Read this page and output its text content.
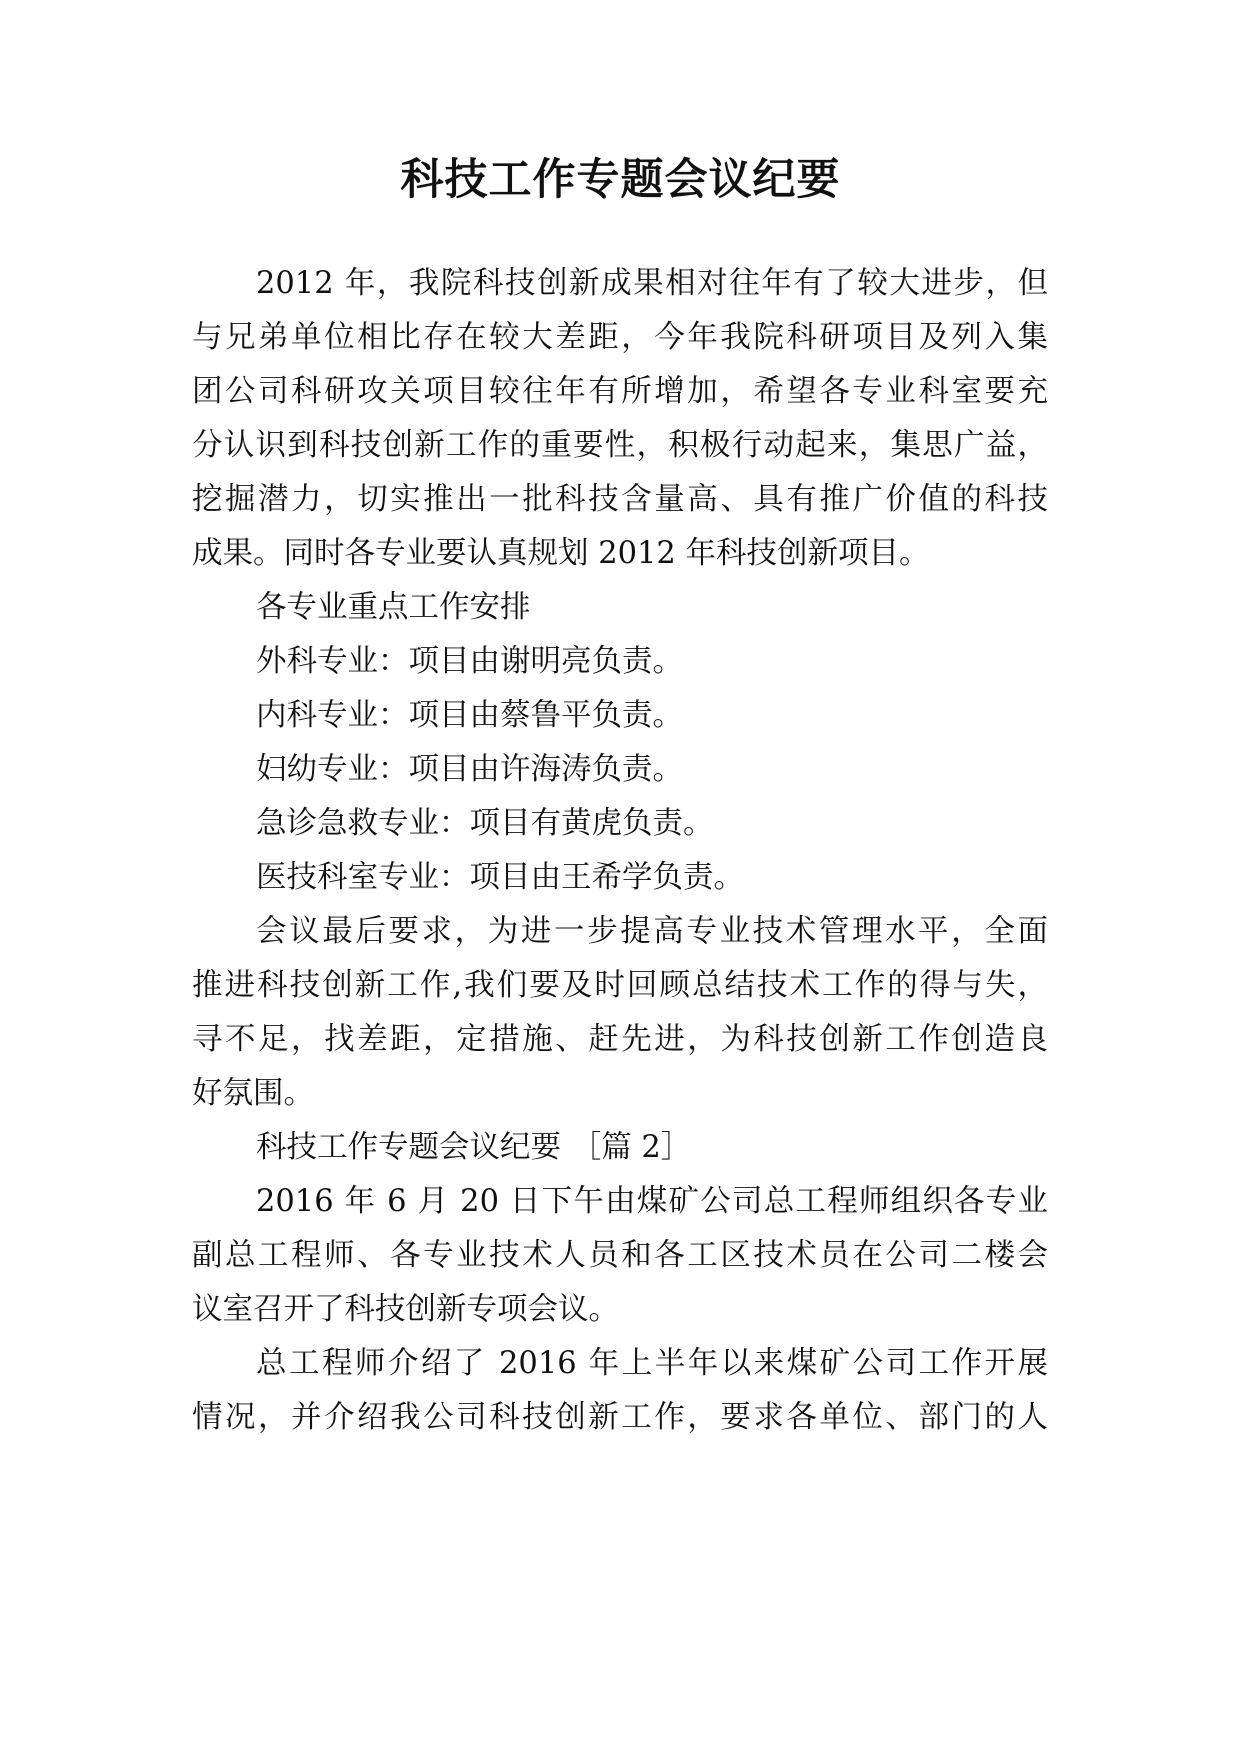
科技工作专题会议纪要
2012 年，我院科技创新成果相对往年有了较大进步，但
与兄弟单位相比存在较大差距，今年我院科研项目及列入集
团公司科研攻关项目较往年有所增加，希望各专业科室要充
分认识到科技创新工作的重要性，积极行动起来，集思广益，
挖掘潜力，切实推出一批科技含量高、具有推广价值的科技
成果。同时各专业要认真规划 2012 年科技创新项目。
各专业重点工作安排
外科专业：项目由谢明亮负责。
内科专业：项目由蔡鲁平负责。
妇幼专业：项目由许海涛负责。
急诊急救专业：项目有黄虎负责。
医技科室专业：项目由王希学负责。
会议最后要求，为进一步提高专业技术管理水平，全面
推进科技创新工作,我们要及时回顾总结技术工作的得与失，
寻不足，找差距，定措施、赶先进，为科技创新工作创造良
好氛围。
科技工作专题会议纪要 ［篇 2］
2016 年 6 月 20 日下午由煤矿公司总工程师组织各专业
副总工程师、各专业技术人员和各工区技术员在公司二楼会
议室召开了科技创新专项会议。
总工程师介绍了 2016 年上半年以来煤矿公司工作开展
情况，并介绍我公司科技创新工作，要求各单位、部门的人
